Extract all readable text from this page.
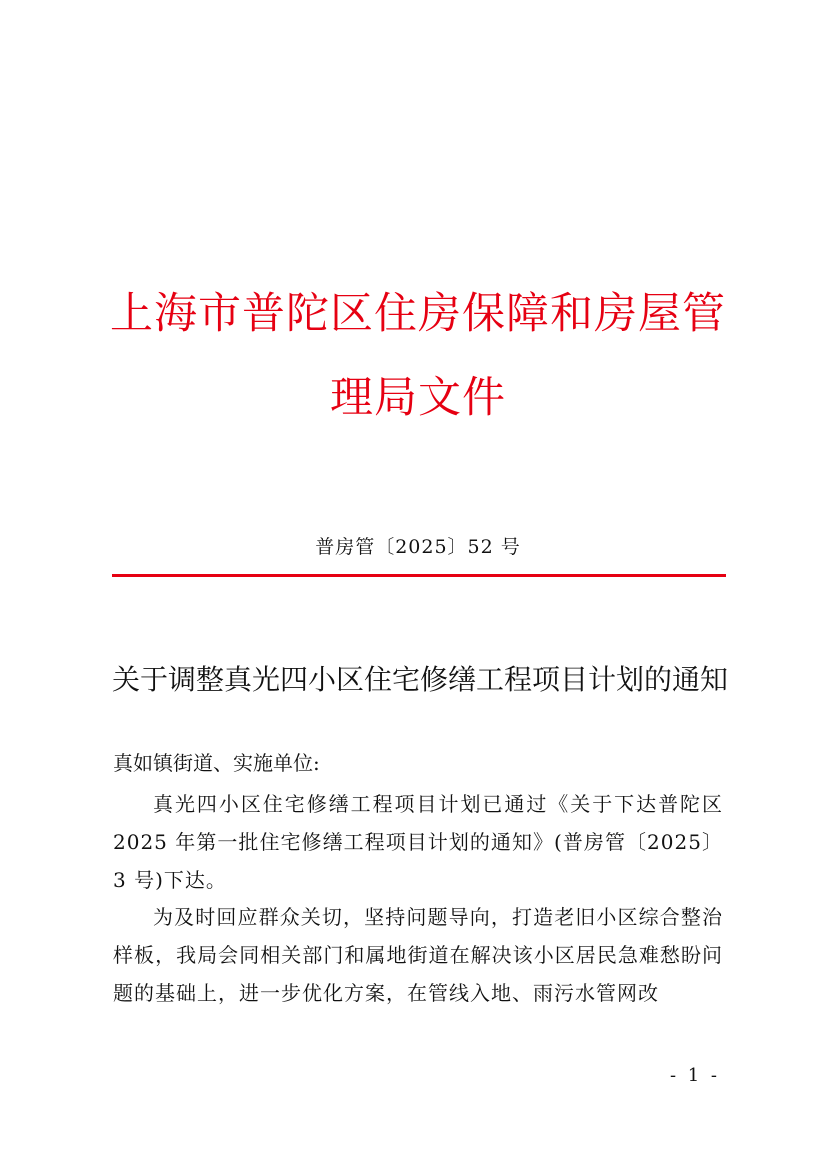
上海市普陀区住房保障和房屋管理局文件
普房管〔2025〕52 号
关于调整真光四小区住宅修缮工程项目计划的通知
真如镇街道、实施单位:
真光四小区住宅修缮工程项目计划已通过《关于下达普陀区 2025 年第一批住宅修缮工程项目计划的通知》(普房管〔2025〕3 号)下达。
为及时回应群众关切，坚持问题导向，打造老旧小区综合整治样板，我局会同相关部门和属地街道在解决该小区居民急难愁盼问题的基础上，进一步优化方案，在管线入地、雨污水管网改
- 1 -
